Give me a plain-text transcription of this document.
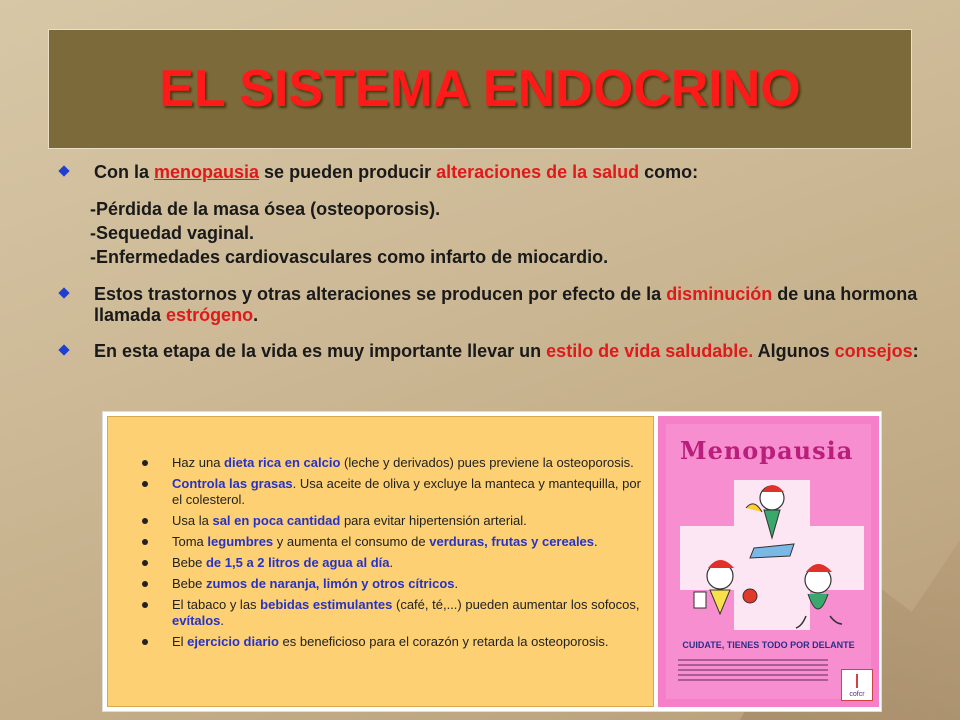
EL SISTEMA ENDOCRINO
Con la menopausia se pueden producir alteraciones de la salud como:
-Pérdida de la masa ósea (osteoporosis).
-Sequedad vaginal.
-Enfermedades cardiovasculares como infarto de miocardio.
Estos trastornos y otras alteraciones se producen por efecto de la disminución de una hormona llamada estrógeno.
En esta etapa de la vida es muy importante llevar un estilo de vida saludable. Algunos consejos:
Haz una dieta rica en calcio (leche y derivados) pues previene la osteoporosis.
Controla las grasas. Usa aceite de oliva y excluye la manteca y mantequilla, por el colesterol.
Usa la sal en poca cantidad para evitar hipertensión arterial.
Toma legumbres y aumenta el consumo de verduras, frutas y cereales.
Bebe de 1,5 a 2 litros de agua al día.
Bebe zumos de naranja, limón y otros cítricos.
El tabaco y las bebidas estimulantes (café, té,...) pueden aumentar los sofocos, evítalos.
El ejercicio diario es beneficioso para el corazón y retarda la osteoporosis.
Menopausia
CUIDATE, TIENES TODO POR DELANTE
cofcr
